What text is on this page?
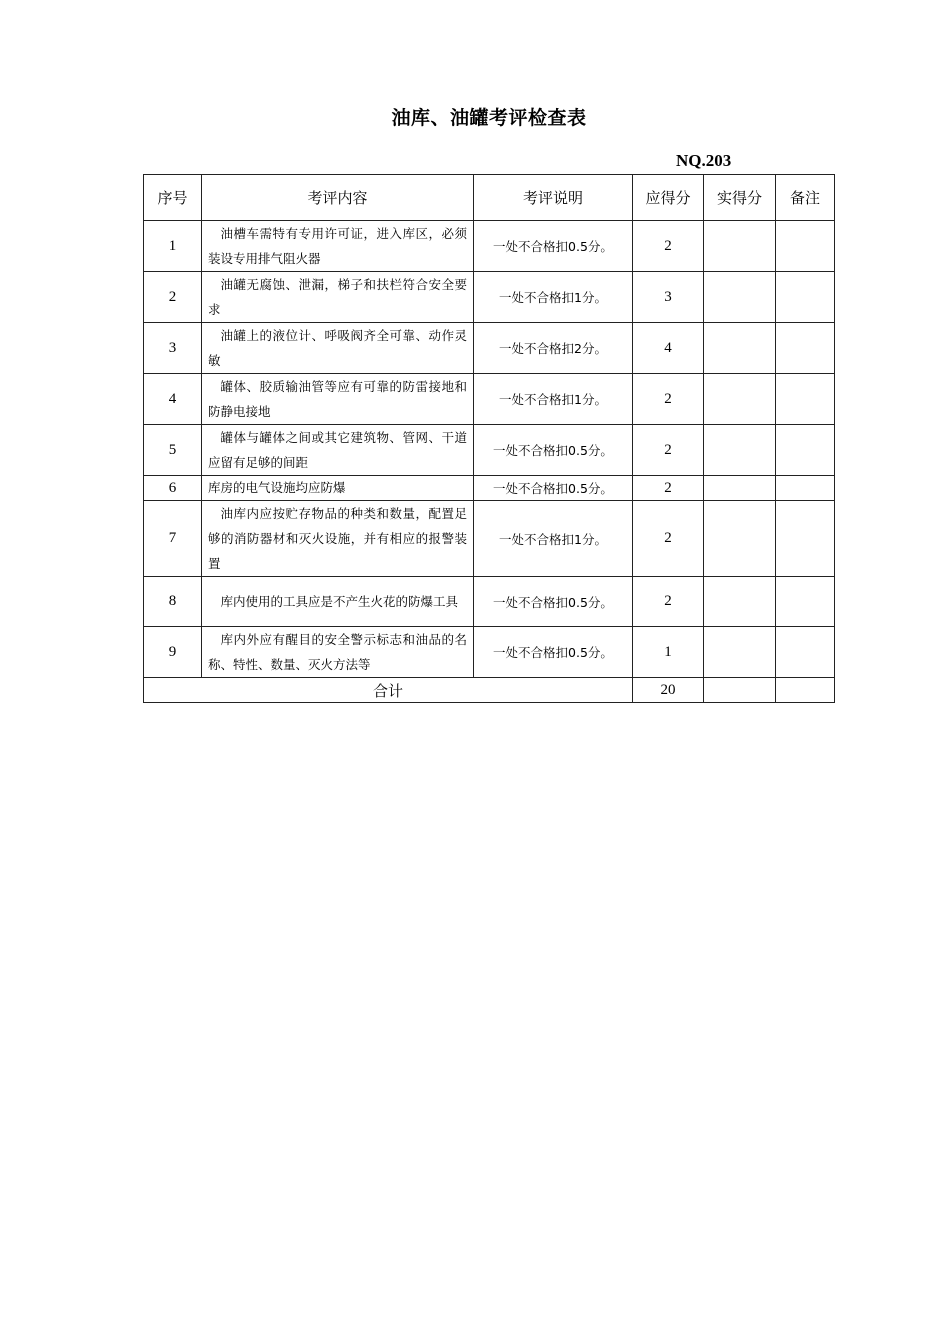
油库、油罐考评检查表
NQ.203
序号	考评内容	考评说明	应得分	实得分	备注
1	油槽车需特有专用许可证，进入库区，必须装设专用排气阻火器	一处不合格扣0.5分。	2		
2	油罐无腐蚀、泄漏，梯子和扶栏符合安全要求	一处不合格扣1分。	3		
3	油罐上的液位计、呼吸阀齐全可靠、动作灵敏	一处不合格扣2分。	4		
4	罐体、胶质输油管等应有可靠的防雷接地和防静电接地	一处不合格扣1分。	2		
5	罐体与罐体之间或其它建筑物、管网、干道应留有足够的间距	一处不合格扣0.5分。	2		
6	库房的电气设施均应防爆	一处不合格扣0.5分。	2		
7	油库内应按贮存物品的种类和数量，配置足够的消防器材和灭火设施，并有相应的报警装置	一处不合格扣1分。	2		
8	库内使用的工具应是不产生火花的防爆工具	一处不合格扣0.5分。	2		
9	库内外应有醒目的安全警示标志和油品的名称、特性、数量、灭火方法等	一处不合格扣0.5分。	1		
合计			20		
